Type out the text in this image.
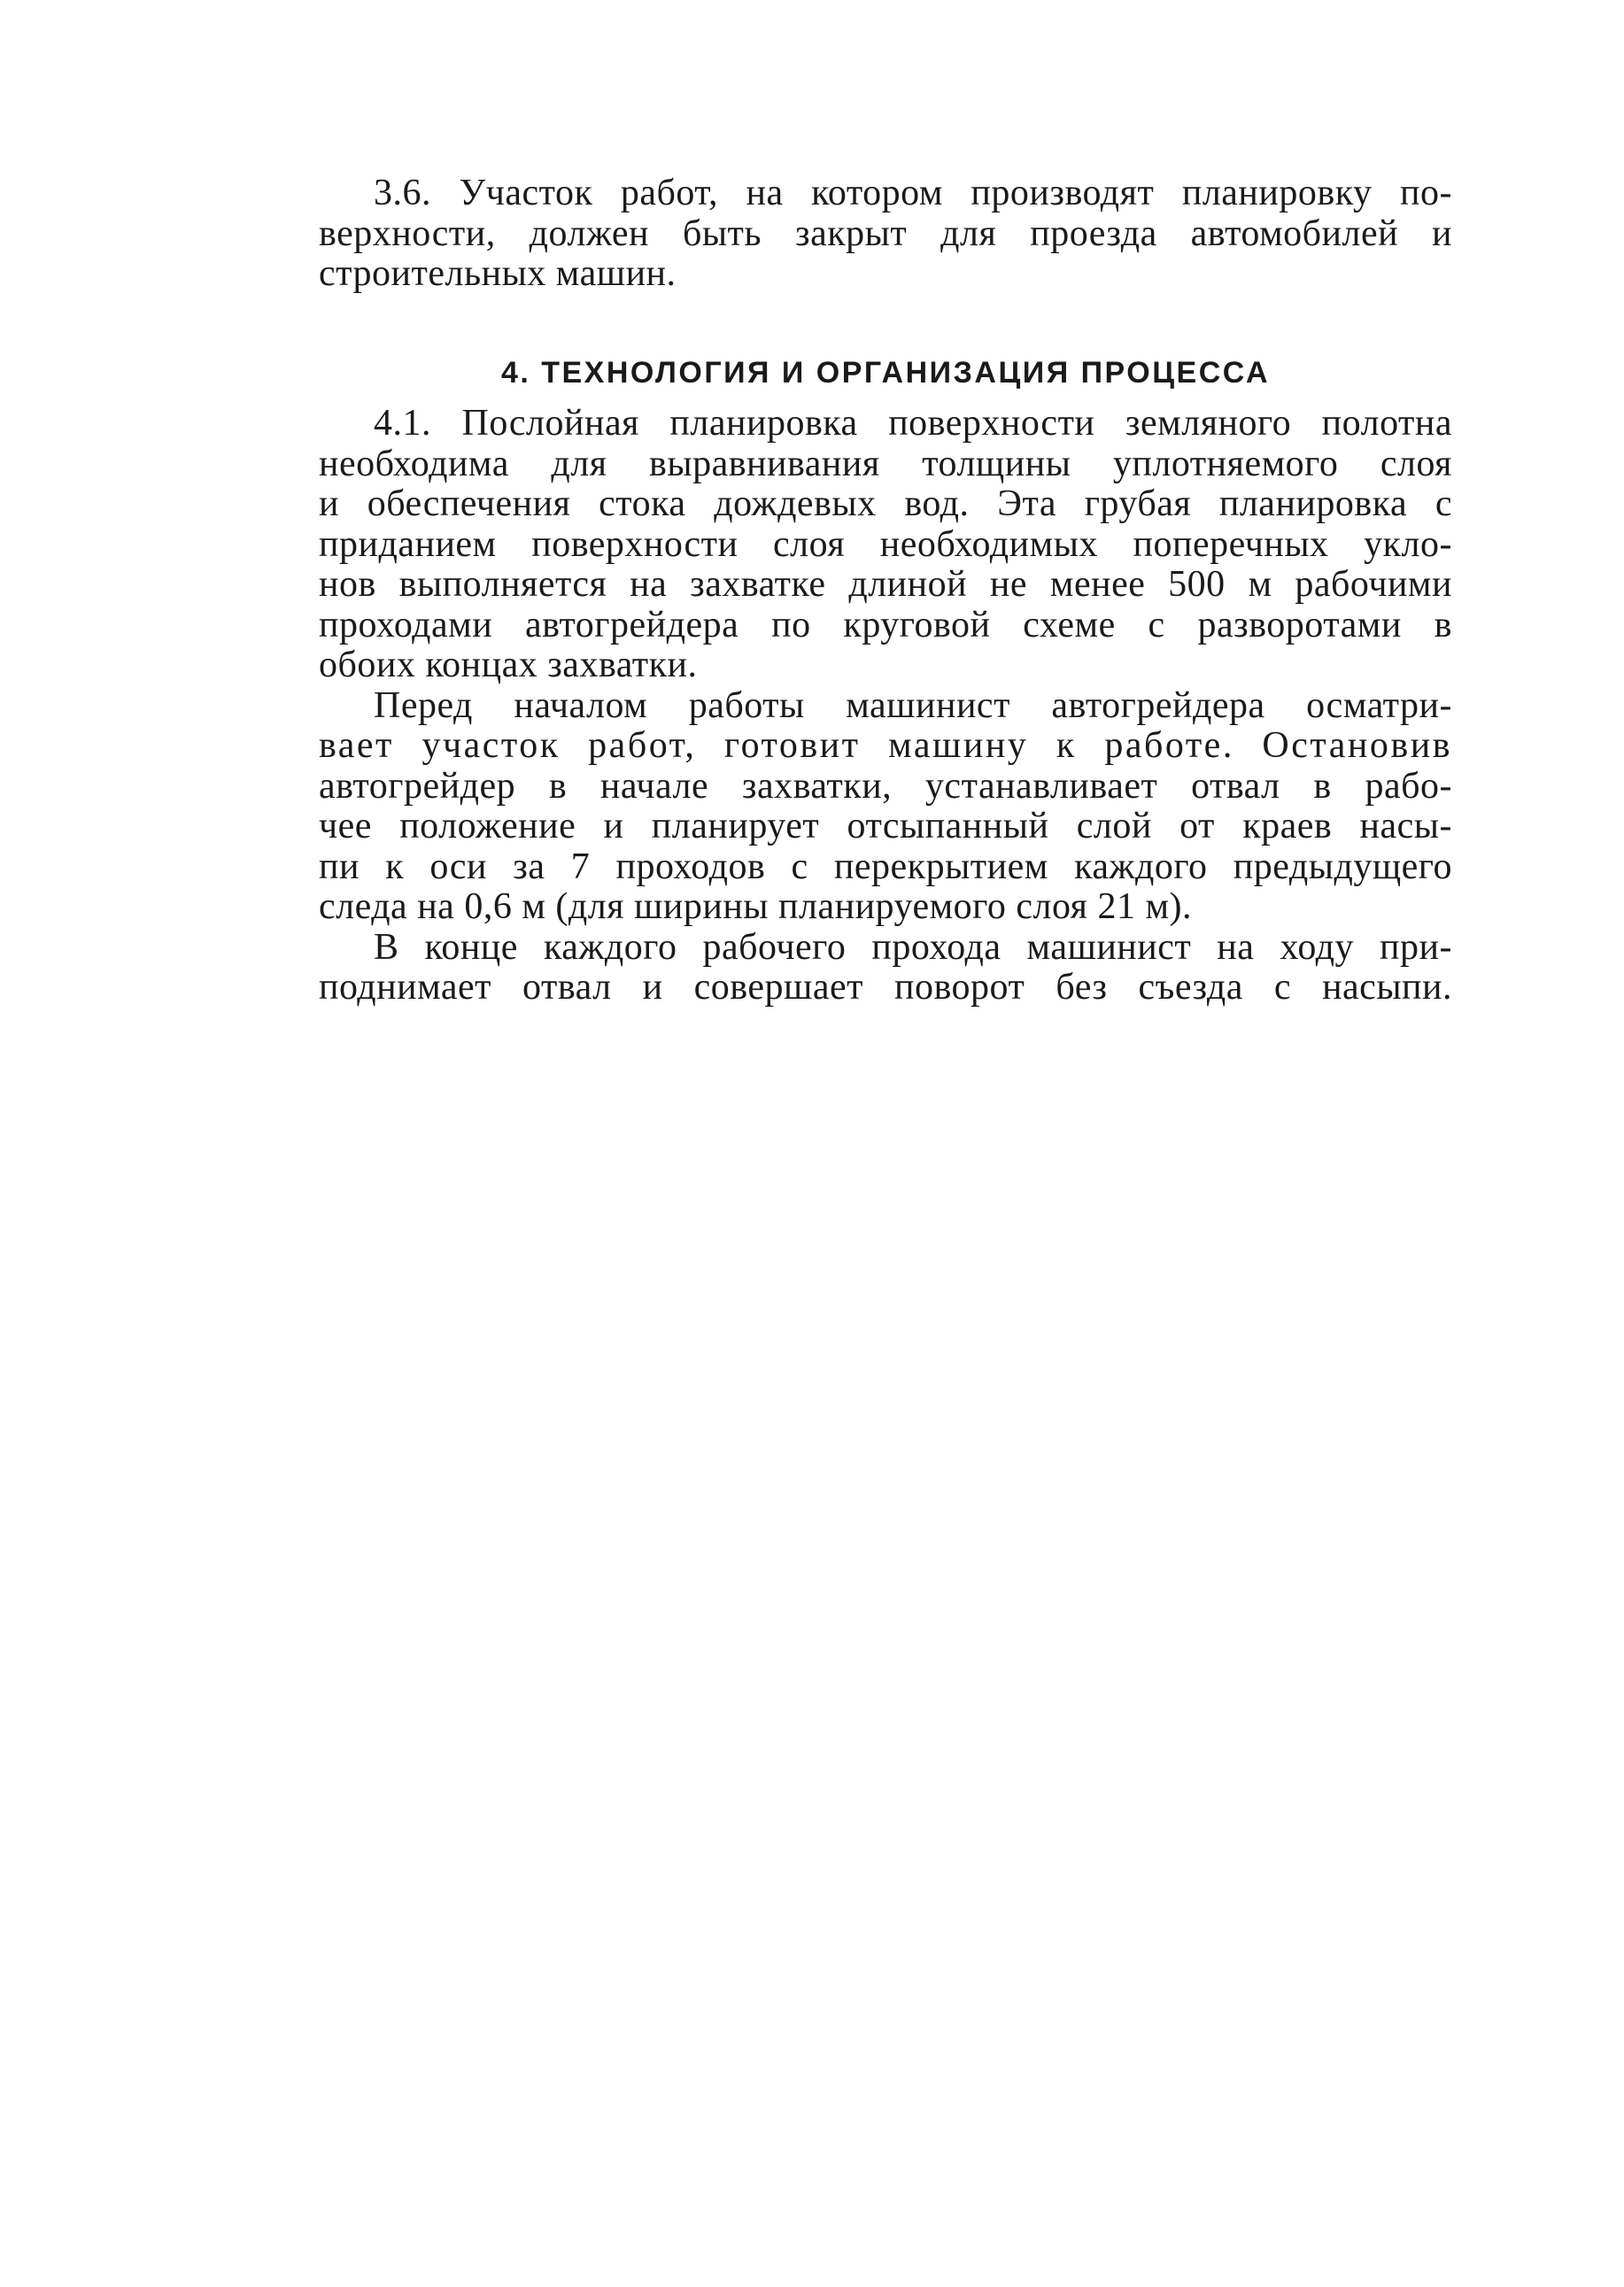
3.6. Участок работ, на котором производят планировку по-
верхности, должен быть закрыт для проезда автомобилей и
строительных машин.
4. ТЕХНОЛОГИЯ И ОРГАНИЗАЦИЯ ПРОЦЕССА
4.1. Послойная планировка поверхности земляного полотна
необходима для выравнивания толщины уплотняемого слоя
и обеспечения стока дождевых вод. Эта грубая планировка с
приданием поверхности слоя необходимых поперечных укло-
нов выполняется на захватке длиной не менее 500 м рабочими
проходами автогрейдера по круговой схеме с разворотами в
обоих концах захватки.
Перед началом работы машинист автогрейдера осматри-
вает участок работ, готовит машину к работе. Остановив
автогрейдер в начале захватки, устанавливает отвал в рабо-
чее положение и планирует отсыпанный слой от краев насы-
пи к оси за 7 проходов с перекрытием каждого предыдущего
следа на 0,6 м (для ширины планируемого слоя 21 м).
В конце каждого рабочего прохода машинист на ходу при-
поднимает отвал и совершает поворот без съезда с насыпи.
